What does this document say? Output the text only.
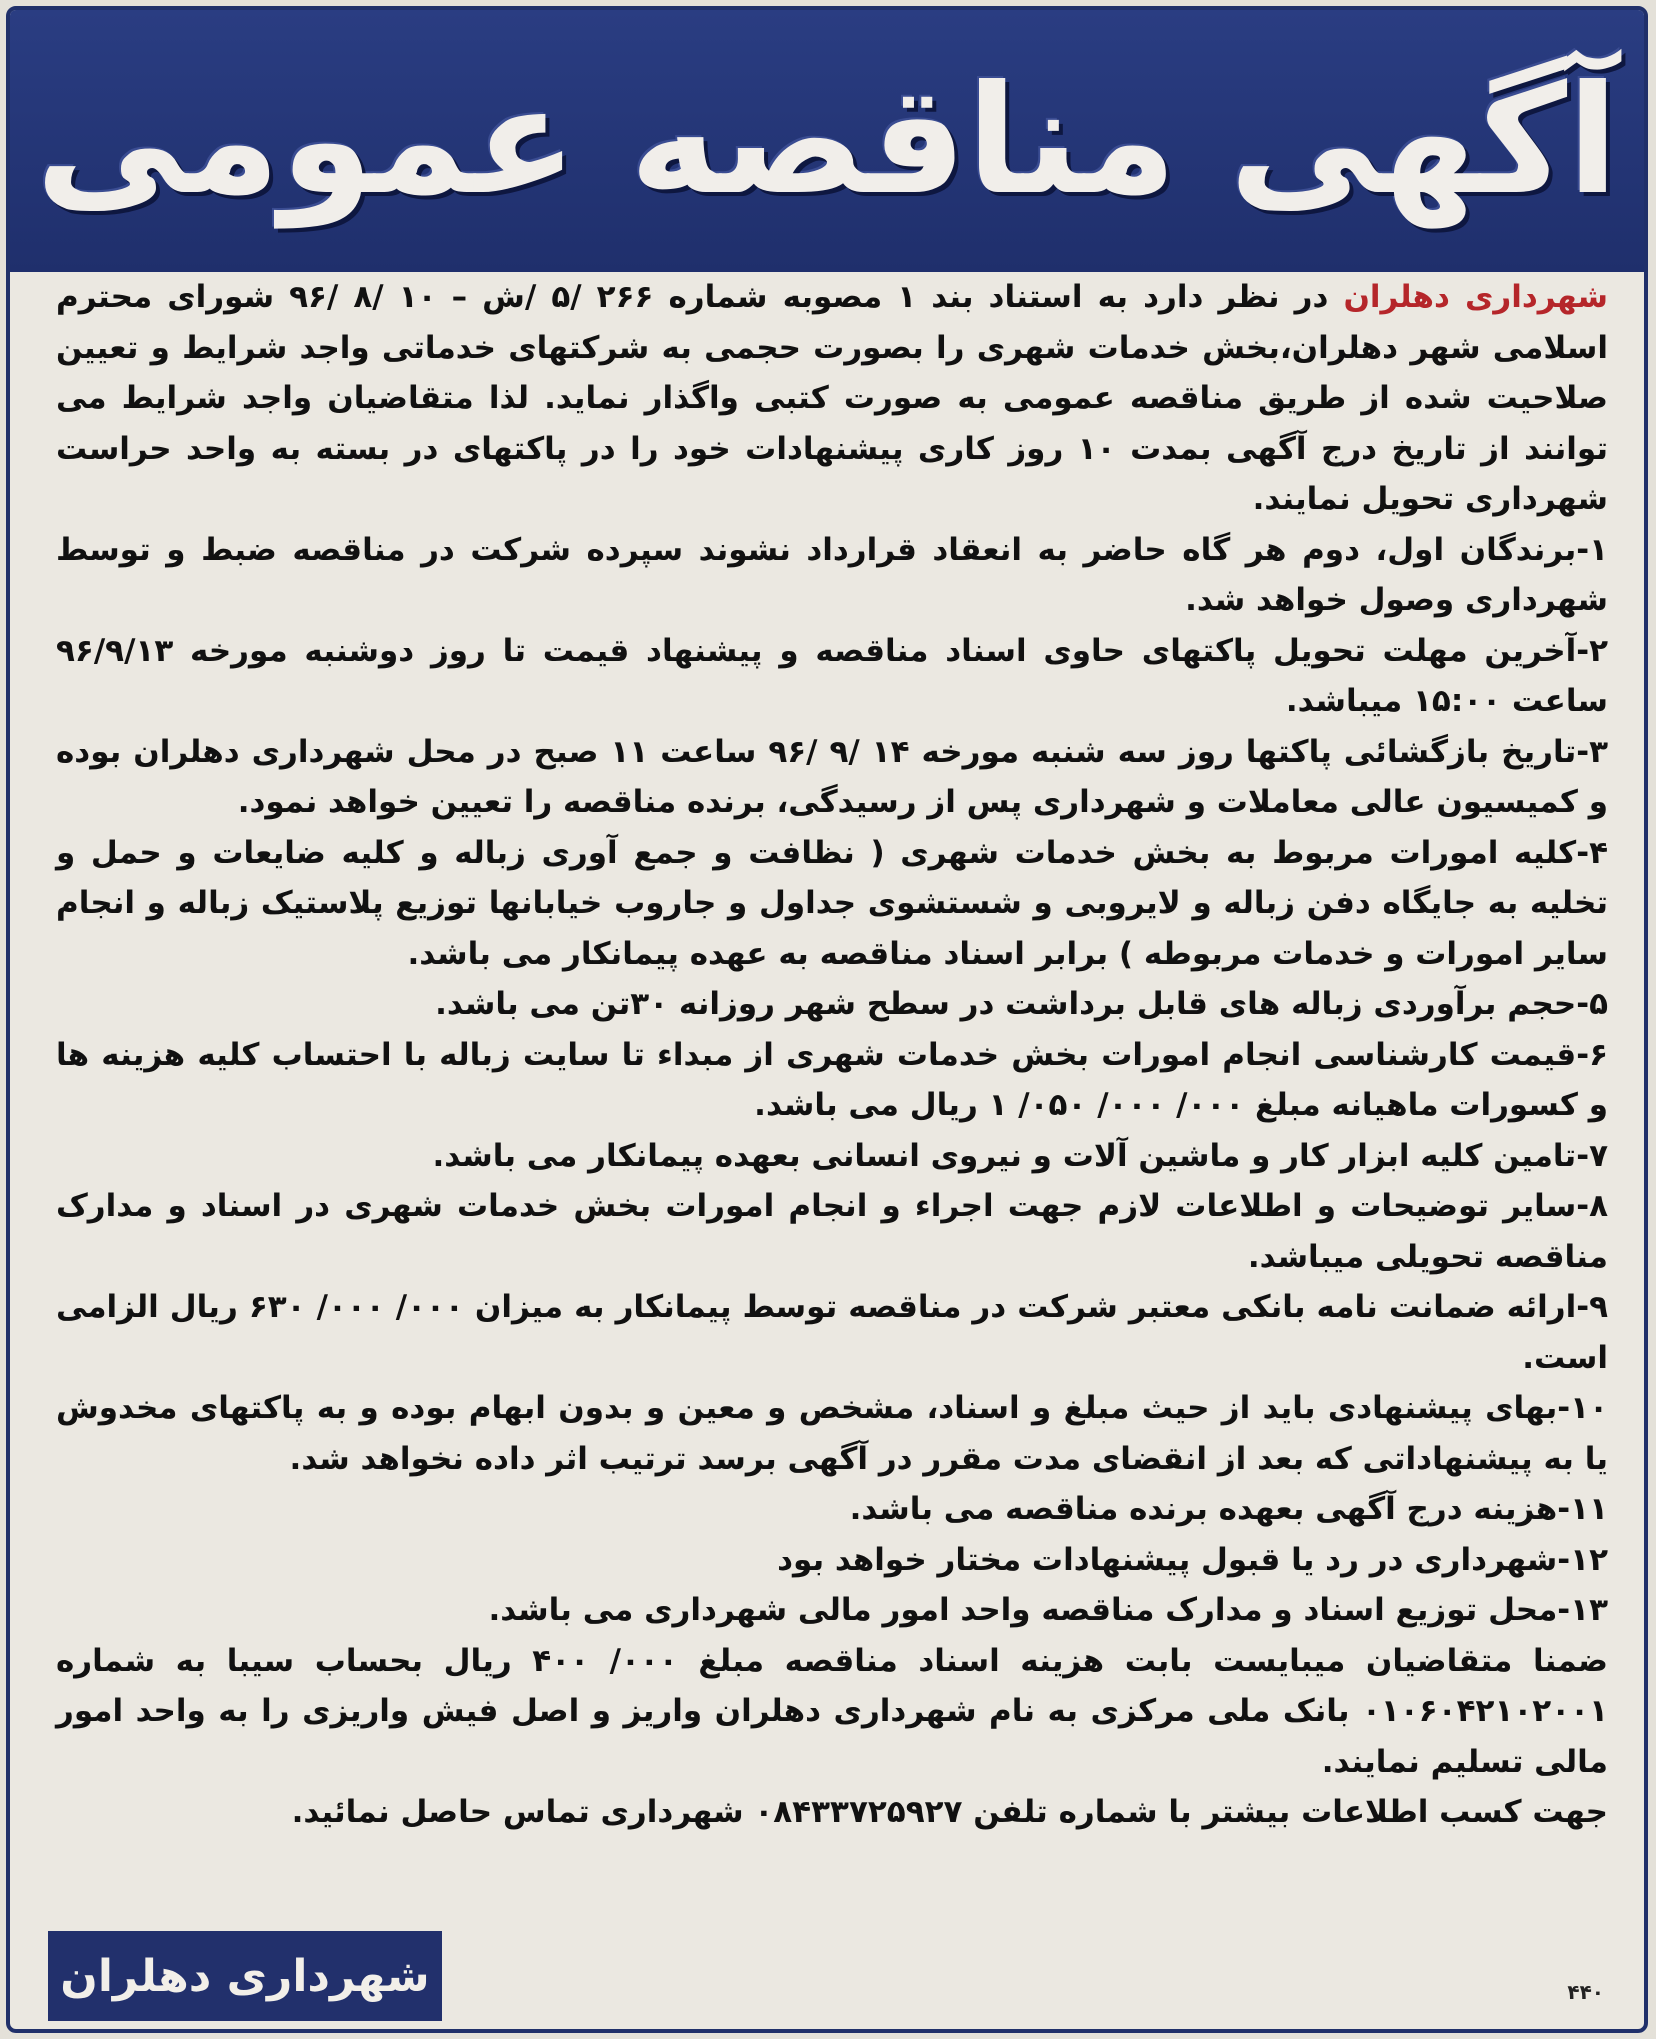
آگهی مناقصه عمومی

شهرداری دهلران در نظر دارد به استناد بند ۱ مصوبه شماره ۲۶۶ /۵ /ش – ۱۰ /۸ /۹۶ شورای محترم اسلامی شهر دهلران،بخش خدمات شهری را بصورت حجمی به شرکتهای خدماتی واجد شرایط و تعیین صلاحیت شده از طریق مناقصه عمومی به صورت کتبی واگذار نماید. لذا متقاضیان واجد شرایط می توانند از تاریخ درج آگهی بمدت ۱۰ روز کاری پیشنهادات خود را در پاکتهای در بسته به واحد حراست شهرداری تحویل نمایند.

۱-برندگان اول، دوم هر گاه حاضر به انعقاد قرارداد نشوند سپرده شرکت در مناقصه ضبط و توسط شهرداری وصول خواهد شد.

۲-آخرین مهلت تحویل پاکتهای حاوی اسناد مناقصه و پیشنهاد قیمت تا روز دوشنبه مورخه ۹۶/۹/۱۳ ساعت ۱۵:۰۰ میباشد.

۳-تاریخ بازگشائی پاکتها روز سه شنبه مورخه ۱۴ /۹ /۹۶ ساعت ۱۱ صبح در محل شهرداری دهلران بوده و کمیسیون عالی معاملات و شهرداری پس از رسیدگی، برنده مناقصه را تعیین خواهد نمود.

۴-کلیه امورات مربوط به بخش خدمات شهری ( نظافت و جمع آوری زباله و کلیه ضایعات و حمل و تخلیه به جایگاه دفن زباله و لایروبی و شستشوی جداول و جاروب خیابانها توزیع پلاستیک زباله و انجام سایر امورات و خدمات مربوطه ) برابر اسناد مناقصه به عهده پیمانکار می باشد.

۵-حجم برآوردی زباله های قابل برداشت در سطح شهر روزانه ۳۰تن می باشد.

۶-قیمت کارشناسی انجام امورات بخش خدمات شهری از مبداء تا سایت زباله با احتساب کلیه هزینه ها و کسورات ماهیانه مبلغ ۰۰۰/ ۰۰۰/ ۰۵۰/ ۱ ریال می باشد.

۷-تامین کلیه ابزار کار و ماشین آلات و نیروی انسانی بعهده پیمانکار می باشد.

۸-سایر توضیحات و اطلاعات لازم جهت اجراء و انجام امورات بخش خدمات شهری در اسناد و مدارک مناقصه تحویلی میباشد.

۹-ارائه ضمانت نامه بانکی معتبر شرکت در مناقصه توسط پیمانکار به میزان ۰۰۰/ ۰۰۰/ ۶۳۰ ریال الزامی است.

۱۰-بهای پیشنهادی باید از حیث مبلغ و اسناد، مشخص و معین و بدون ابهام بوده و به پاکتهای مخدوش یا به پیشنهاداتی که بعد از انقضای مدت مقرر در آگهی برسد ترتیب اثر داده نخواهد شد.

۱۱-هزینه درج آگهی بعهده برنده مناقصه می باشد.

۱۲-شهرداری در رد یا قبول پیشنهادات مختار خواهد بود

۱۳-محل توزیع اسناد و مدارک مناقصه واحد امور مالی شهرداری می باشد.

ضمنا متقاضیان میبایست بابت هزینه اسناد مناقصه مبلغ ۰۰۰/ ۴۰۰ ریال بحساب سیبا به شماره ۰۱۰۶۰۴۲۱۰۲۰۰۱ بانک ملی مرکزی به نام شهرداری دهلران واریز و اصل فیش واریزی را به واحد امور مالی تسلیم نمایند.

جهت کسب اطلاعات بیشتر با شماره تلفن ۰۸۴۳۳۷۲۵۹۲۷ شهرداری تماس حاصل نمائید.

شهرداری دهلران	۴۴۰
